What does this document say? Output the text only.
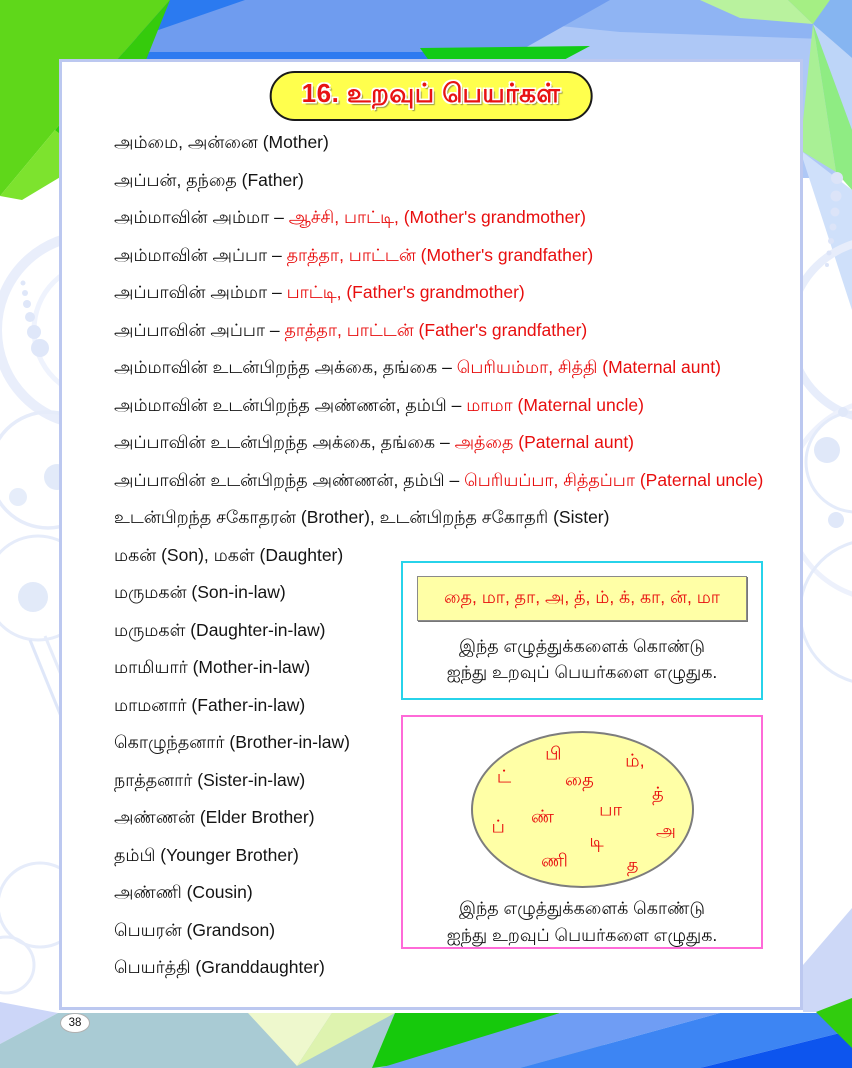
16. உறவுப் பெயர்கள்
அம்மை, அன்னை (Mother)
அப்பன், தந்தை (Father)
அம்மாவின் அம்மா – ஆச்சி, பாட்டி, (Mother's grandmother)
அம்மாவின் அப்பா – தாத்தா, பாட்டன் (Mother's grandfather)
அப்பாவின் அம்மா – பாட்டி, (Father's grandmother)
அப்பாவின் அப்பா – தாத்தா, பாட்டன் (Father's grandfather)
அம்மாவின் உடன்பிறந்த அக்கை, தங்கை – பெரியம்மா, சித்தி (Maternal aunt)
அம்மாவின் உடன்பிறந்த அண்ணன், தம்பி – மாமா (Maternal uncle)
அப்பாவின் உடன்பிறந்த அக்கை, தங்கை – அத்தை (Paternal aunt)
அப்பாவின் உடன்பிறந்த அண்ணன், தம்பி – பெரியப்பா, சித்தப்பா (Paternal uncle)
உடன்பிறந்த சகோதரன் (Brother), உடன்பிறந்த சகோதரி (Sister)
மகன் (Son), மகள் (Daughter)
மருமகன் (Son-in-law)
மருமகள் (Daughter-in-law)
மாமியார் (Mother-in-law)
மாமனார் (Father-in-law)
கொழுந்தனார் (Brother-in-law)
நாத்தனார் (Sister-in-law)
அண்ணன் (Elder Brother)
தம்பி (Younger Brother)
அண்ணி (Cousin)
பெயரன் (Grandson)
பெயர்த்தி (Granddaughter)
தை, மா, தா, அ, த், ம், க், கா, ன், மா
இந்த எழுத்துக்களைக் கொண்டு
ஐந்து உறவுப் பெயர்களை எழுதுக.
பி	ம்,
ட்	தை
த்
ண்	பா
ப்	அ
டி
ணி	த
இந்த எழுத்துக்களைக் கொண்டு
ஐந்து உறவுப் பெயர்களை எழுதுக.
38
